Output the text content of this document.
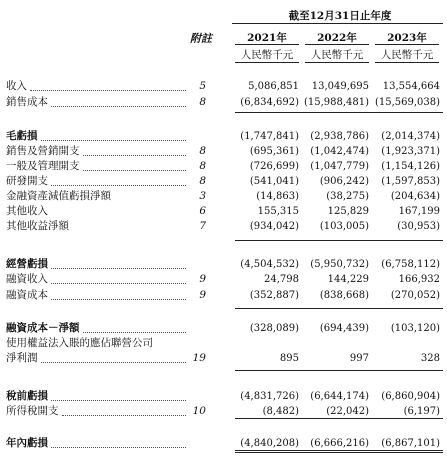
截至12月31日止年度
附註	2021年	2022年	2023年
人民幣千元	人民幣千元	人民幣千元
收入	5	5,086,851	13,049,695	13,554,664
銷售成本	8	(6,834,692) (15,988,481) (15,569,038)
毛虧損	(1,747,841)	(2,938,786)	(2,014,374)
銷售及營銷開支	8	(695,361)	(1,042,474)	(1,923,371)
一般及管理開支	8	(726,699)	(1,047,779)	(1,154,126)
研發開支	8	(541,041)	(906,242)	(1,597,853)
金融資產減值虧損淨額	3	(14,863)	(38,275)	(204,634)
其他收入	6	155,315	125,829	167,199
其他收益淨額	7	(934,042)	(103,005)	(30,953)
經營虧損	(4,504,532)	(5,950,732)	(6,758,112)
融資收入	9	24,798	144,229	166,932
融資成本	9	(352,887)	(838,668)	(270,052)
融資成本－淨額	(328,089)	(694,439)	(103,120)
使用權益法入賬的應佔聯營公司
淨利潤	19	895	997	328
稅前虧損	(4,831,726)	(6,644,174)	(6,860,904)
所得稅開支	10	(8,482)	(22,042)	(6,197)
年內虧損	(4,840,208)	(6,666,216)	(6,867,101)
